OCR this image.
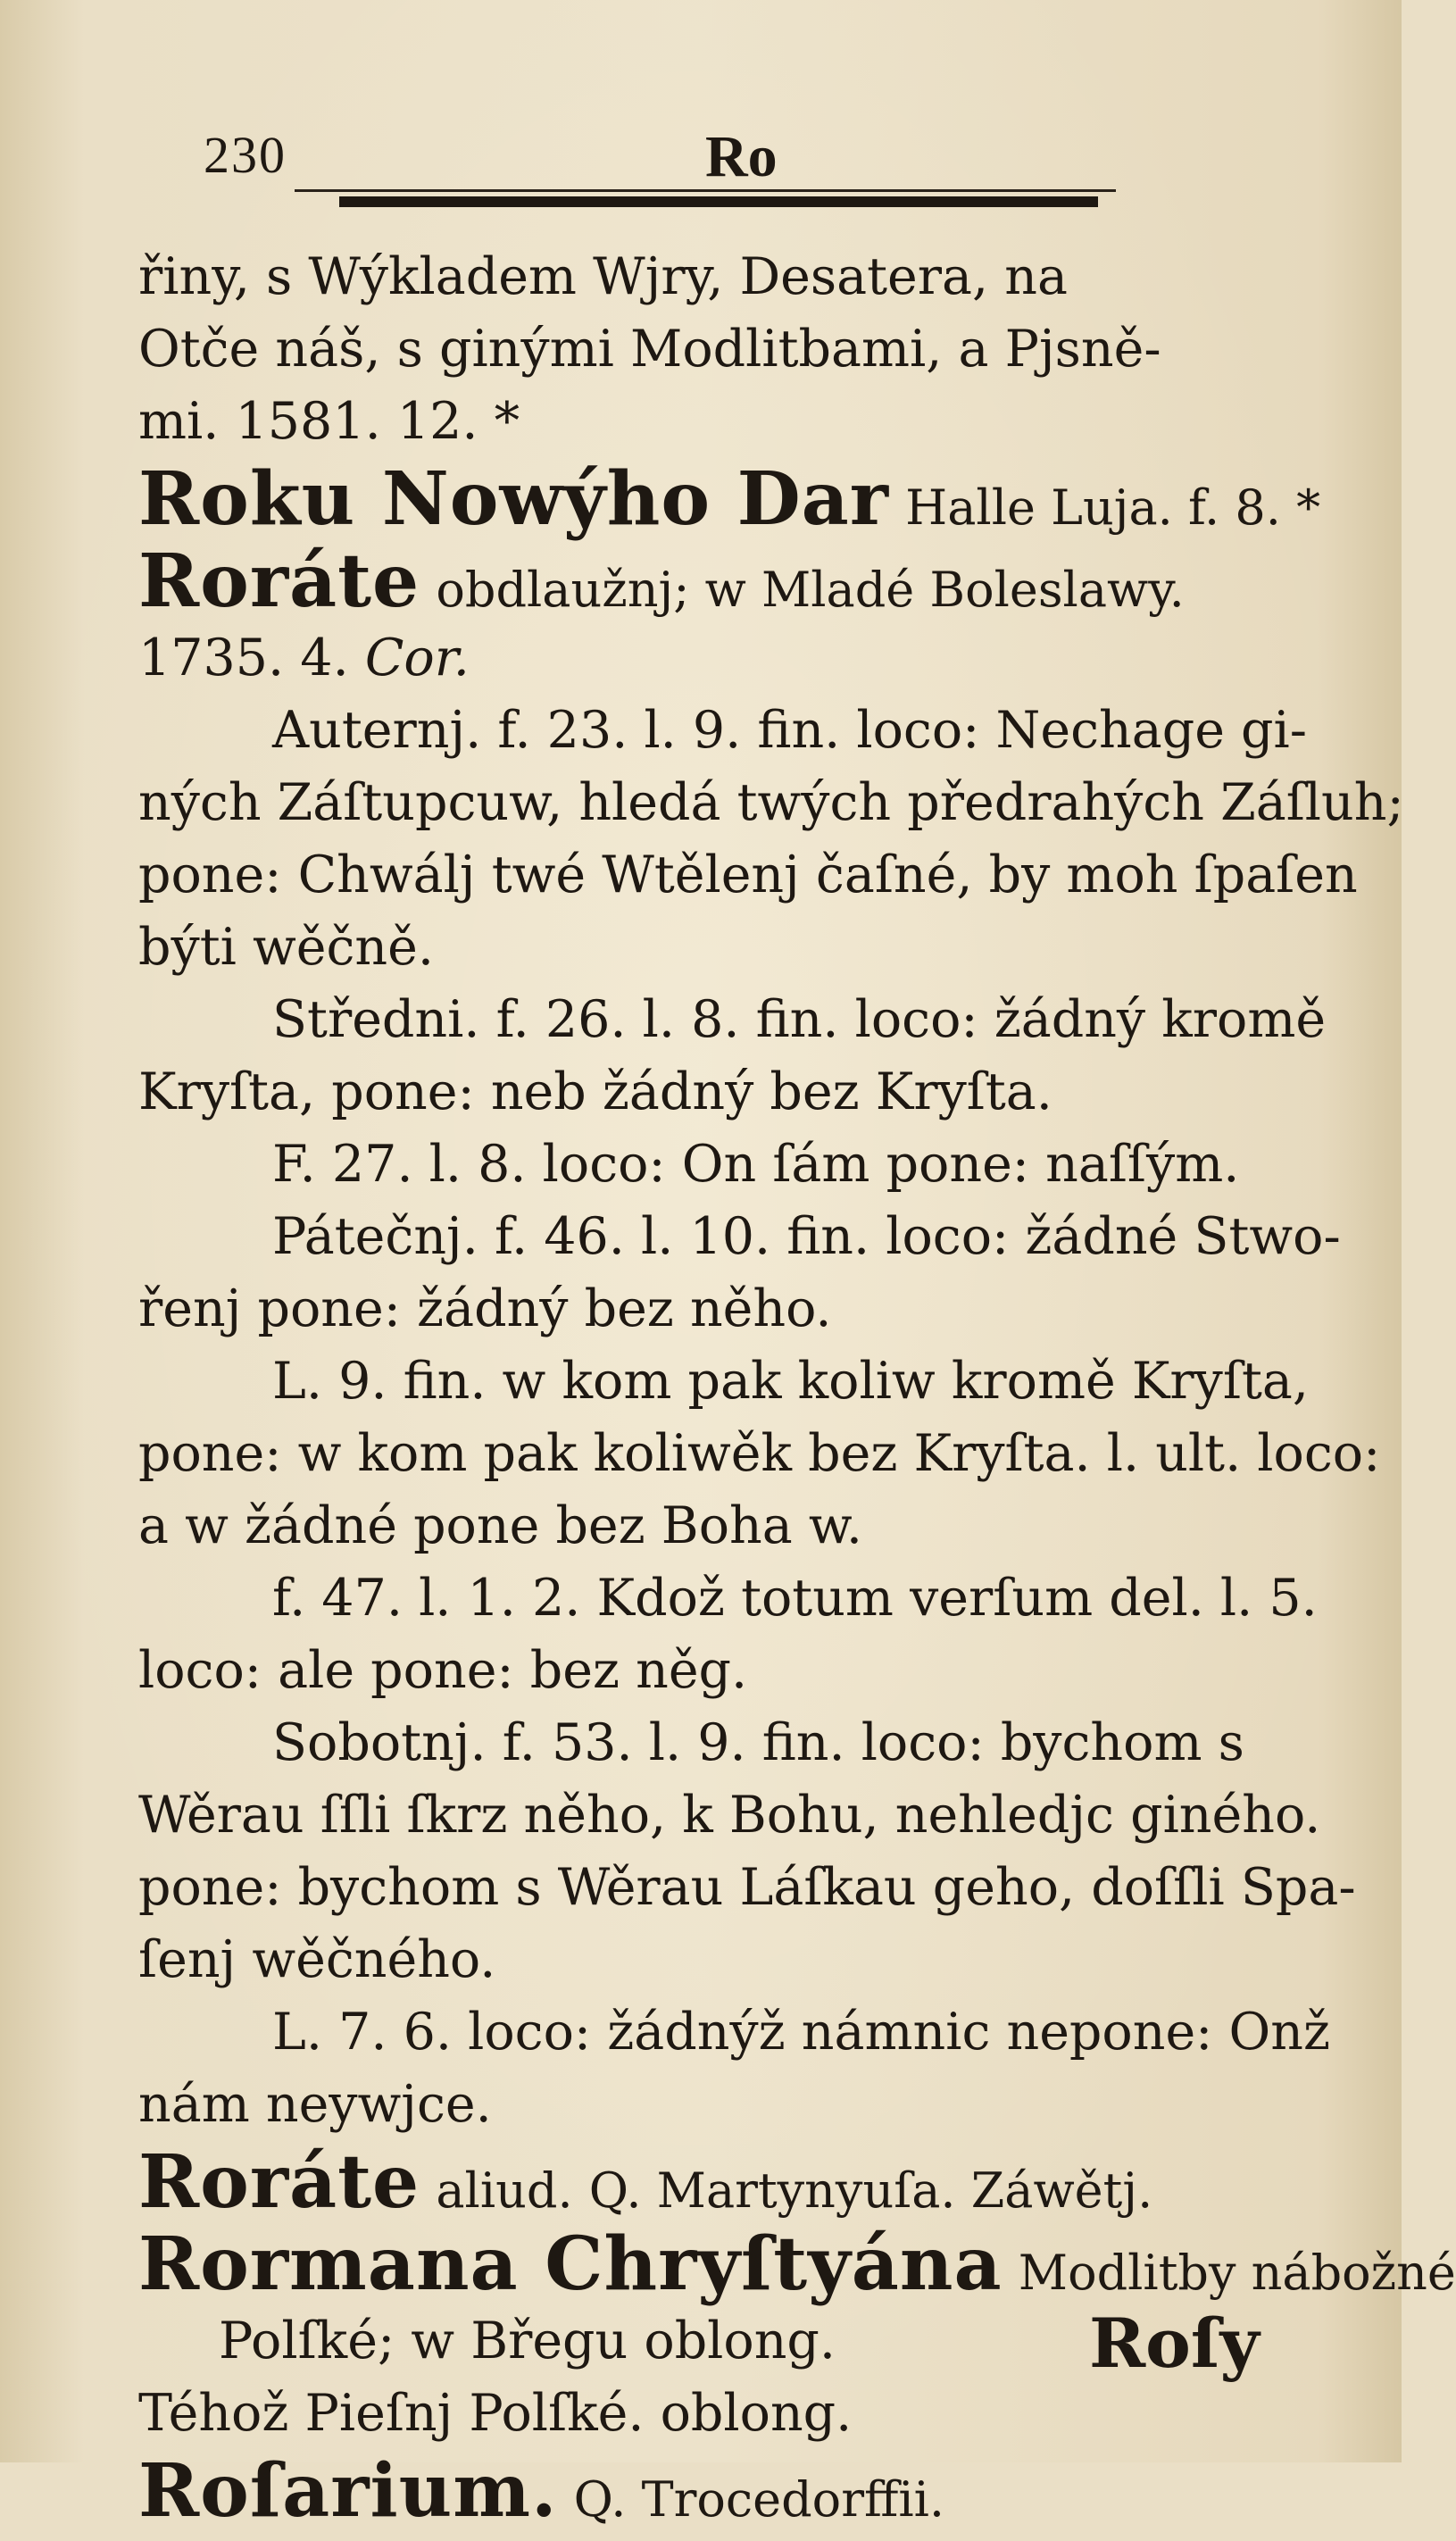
230	Ro
řiny, s Wýkladem Wjry, Desatera, na
Otče náš, s ginými Modlitbami, a Pjsně-
mi. 1581. 12. *
Roku Nowýho Dar Halle Luja. f. 8. *
Roráte obdlaužnj; w Mladé Boleslawy.
1735. 4. Cor.
Auternj. f. 23. l. 9. fin. loco: Nechage gi-
ných Záſtupcuw, hledá twých předrahých Záſluh;
pone: Chwálj twé Wtělenj čaſné, by moh ſpaſen
býti wěčně.
Středni. f. 26. l. 8. fin. loco: žádný kromě
Kryſta, pone: neb žádný bez Kryſta.
F. 27. l. 8. loco: On ſám pone: naſſým.
Pátečnj. f. 46. l. 10. fin. loco: žádné Stwo-
řenj pone: žádný bez něho.
L. 9. fin. w kom pak koliw kromě Kryſta,
pone: w kom pak koliwěk bez Kryſta. l. ult. loco:
a w žádné pone bez Boha w.
f. 47. l. 1. 2. Kdož totum verſum del. l. 5.
loco: ale pone: bez něg.
Sobotnj. f. 53. l. 9. fin. loco: bychom s
Wěrau ſſli ſkrz něho, k Bohu, nehledjc giného.
pone: bychom s Wěrau Láſkau geho, doſſli Spa-
ſenj wěčného.
L. 7. 6. loco: žádnýž námnic nepone: Onž
nám neywjce.
Roráte aliud. Q. Martynyuſa. Záwětj.
Rormana Chryſtyána Modlitby nábožné
Polſké; w Břegu oblong.
Téhož Pieſnj Polſké. oblong.
Roſarium. Q. Trocedorffii.
Roſy
